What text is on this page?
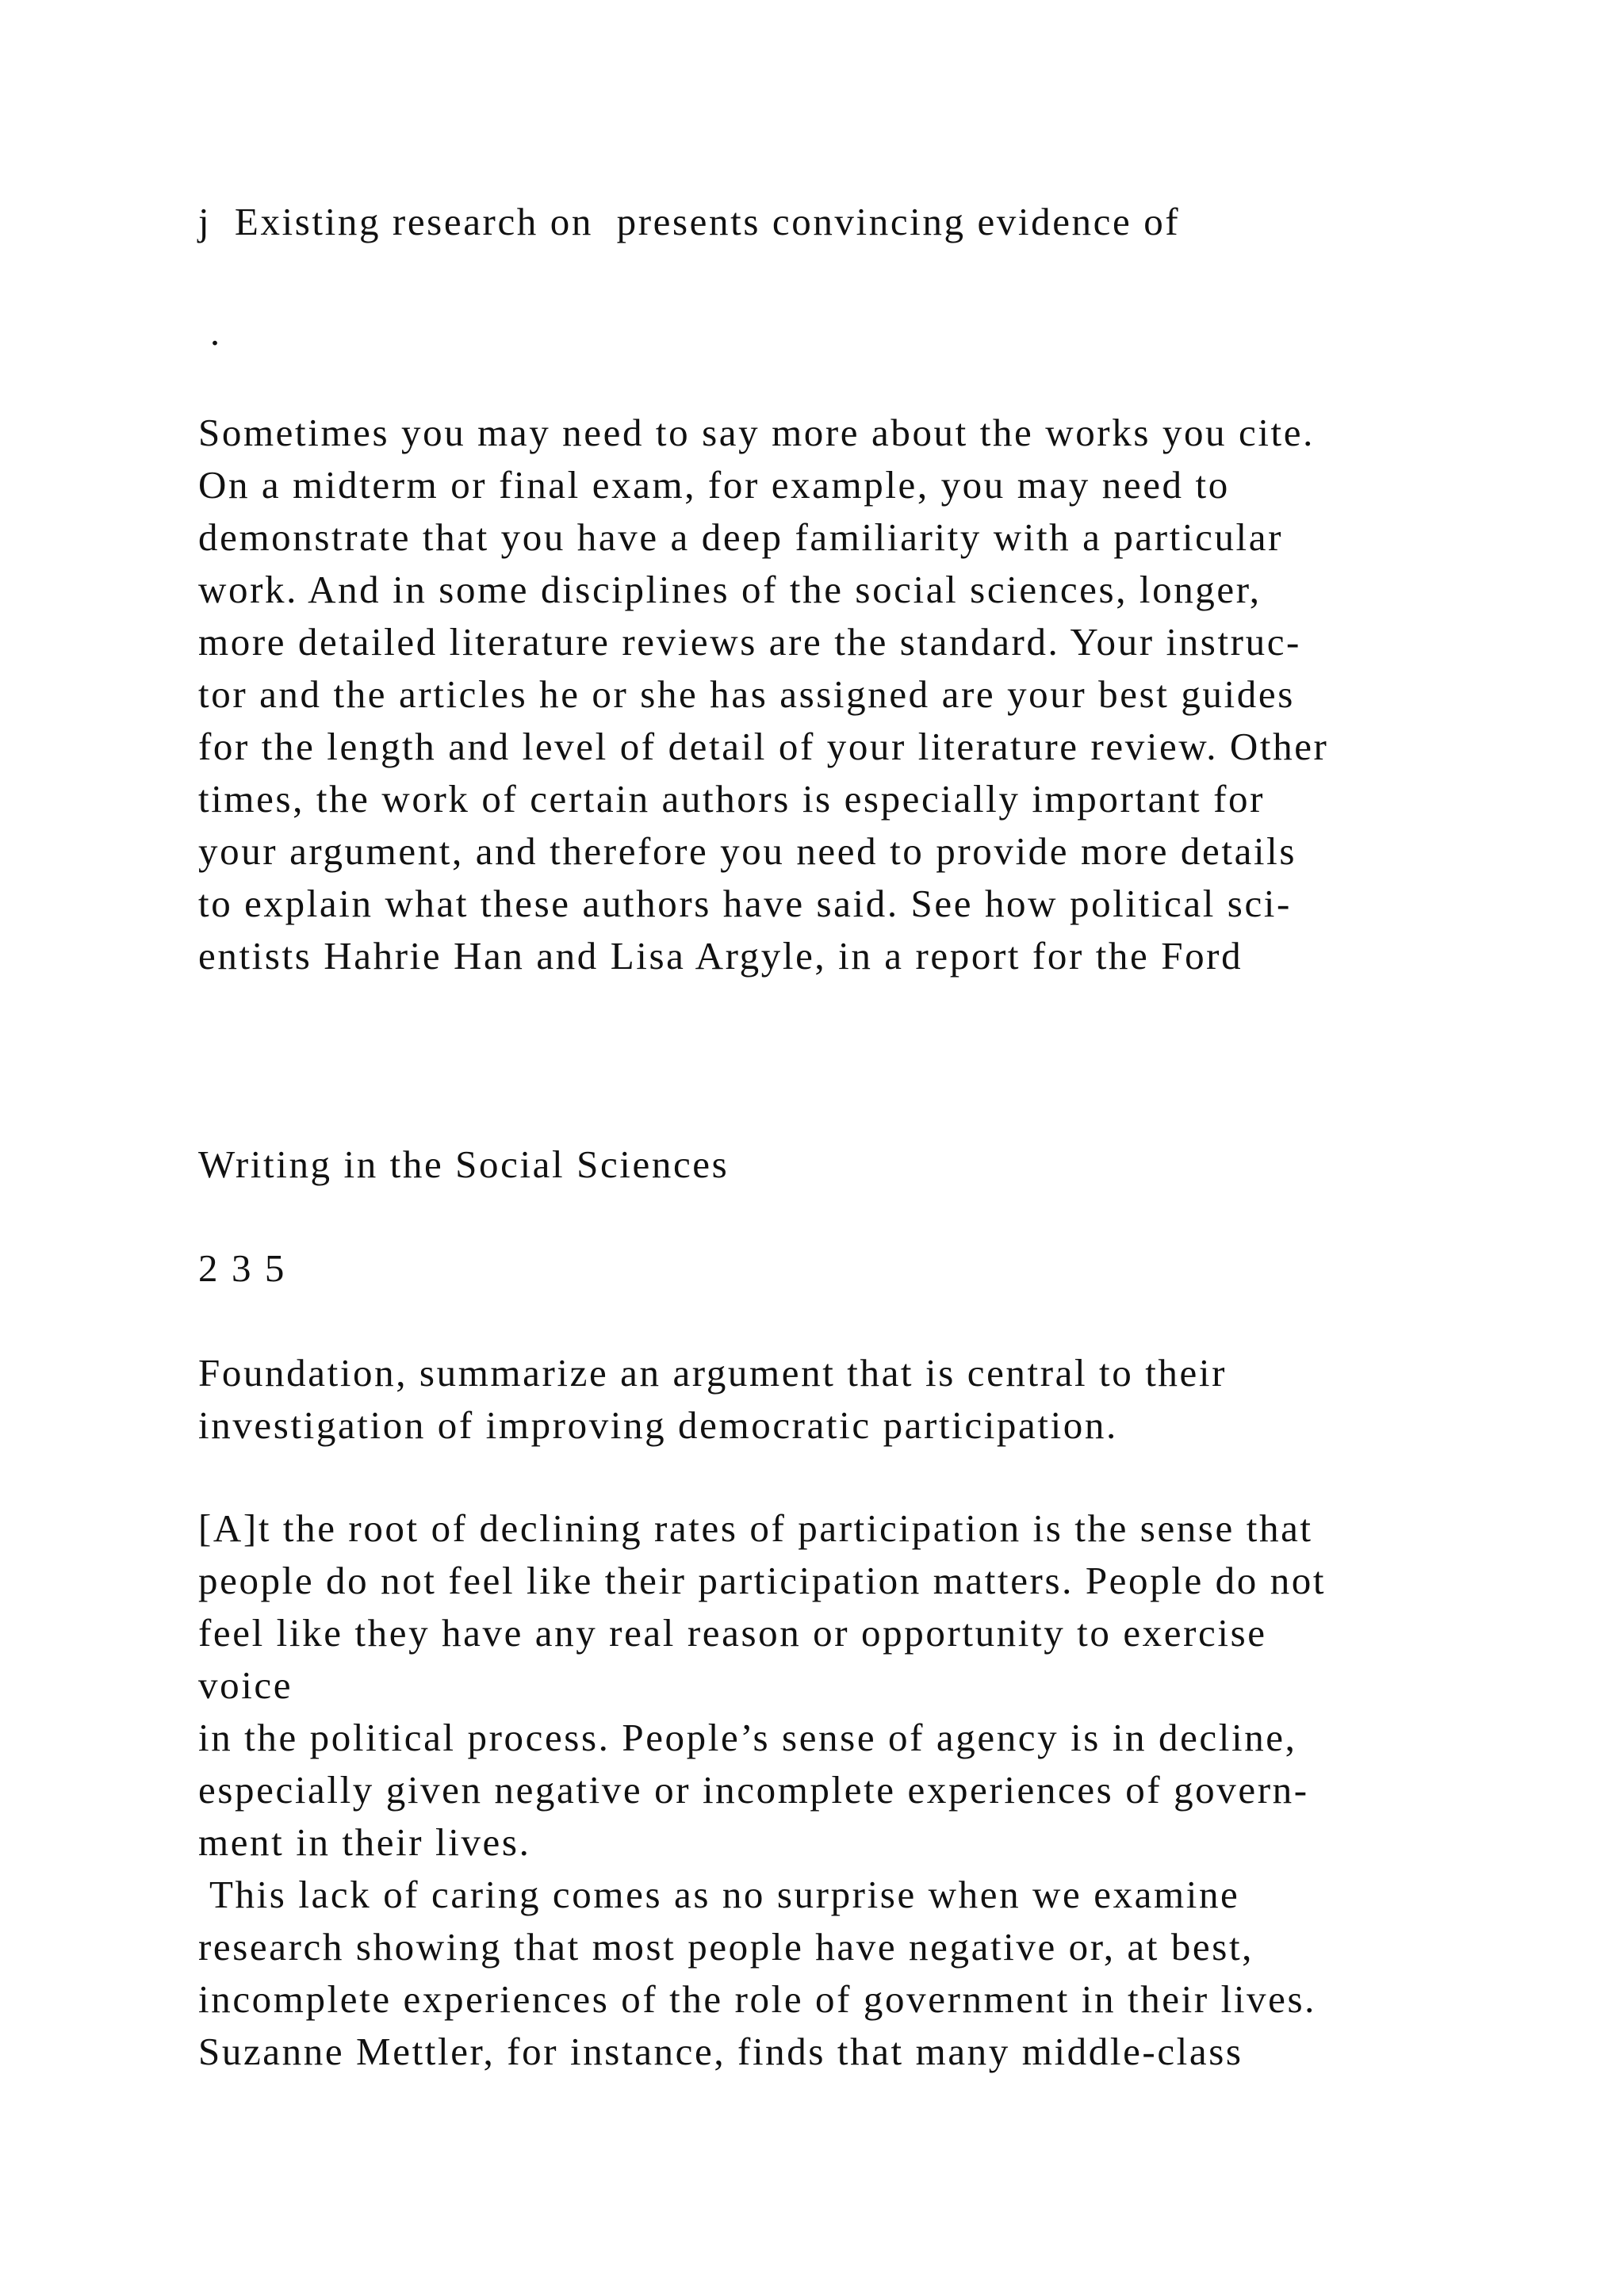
j  Existing research on  presents convincing evidence of

.

Sometimes you may need to say more about the works you cite.

On a midterm or final exam, for example, you may need to

demonstrate that you have a deep familiarity with a particular

work. And in some disciplines of the social sciences, longer,

more detailed literature reviews are the standard. Your instruc-

tor and the articles he or she has assigned are your best guides

for the length and level of detail of your literature review. Other

times, the work of certain authors is especially important for

your argument, and therefore you need to provide more details

to explain what these authors have said. See how political sci-

entists Hahrie Han and Lisa Argyle, in a report for the Ford

Writing in the Social Sciences

2 3 5

Foundation, summarize an argument that is central to their

investigation of improving democratic participation.

[A]t the root of declining rates of participation is the sense that

people do not feel like their participation matters. People do not

feel like they have any real reason or opportunity to exercise

voice

in the political process. People’s sense of agency is in decline,

especially given negative or incomplete experiences of govern-

ment in their lives.

This lack of caring comes as no surprise when we examine

research showing that most people have negative or, at best,

incomplete experiences of the role of government in their lives.

Suzanne Mettler, for instance, finds that many middle-class
